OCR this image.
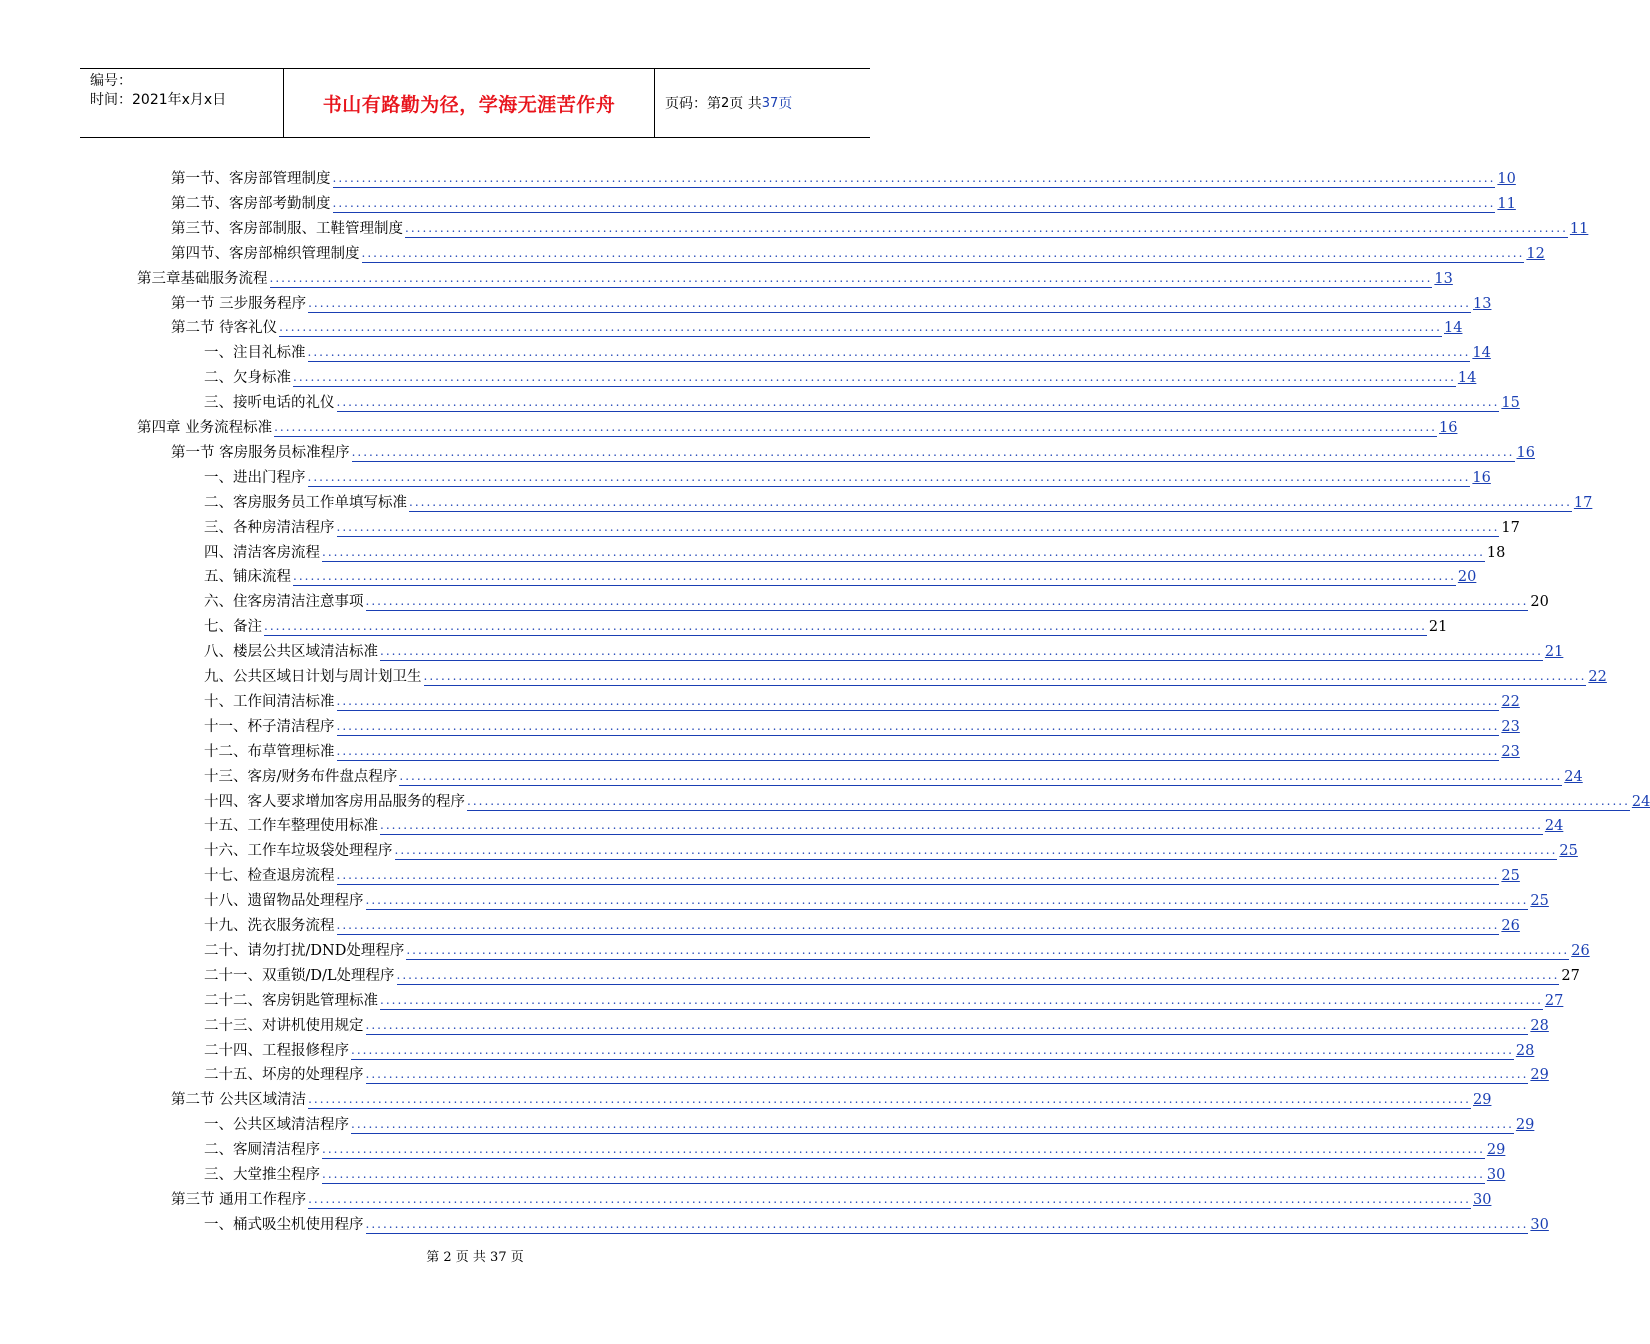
编号：
时间：2021年x月x日	书山有路勤为径，学海无涯苦作舟	页码：第 2 页 共 37 页
第一节、客房部管理制度 ........................................................................................................................................................................................................ 10
第二节、客房部考勤制度 ........................................................................................................................................................................................................ 11
第三节、客房部制服、工鞋管理制度 ........................................................................................................................................................................................................ 11
第四节、客房部棉织管理制度 ........................................................................................................................................................................................................ 12
第三章基础服务流程 ........................................................................................................................................................................................................ 13
第一节 三步服务程序 ........................................................................................................................................................................................................ 13
第二节 待客礼仪 ........................................................................................................................................................................................................ 14
一、注目礼标准 ........................................................................................................................................................................................................ 14
二、欠身标准 ........................................................................................................................................................................................................ 14
三、接听电话的礼仪 ........................................................................................................................................................................................................ 15
第四章 业务流程标准 ........................................................................................................................................................................................................ 16
第一节 客房服务员标准程序 ........................................................................................................................................................................................................ 16
一、进出门程序 ........................................................................................................................................................................................................ 16
二、客房服务员工作单填写标准 ........................................................................................................................................................................................................ 17
三、各种房清洁程序 ........................................................................................................................................................................................................ 17
四、清洁客房流程 ........................................................................................................................................................................................................ 18
五、铺床流程 ........................................................................................................................................................................................................ 20
六、住客房清洁注意事项 ........................................................................................................................................................................................................ 20
七、备注 ........................................................................................................................................................................................................ 21
八、楼层公共区域清洁标准 ........................................................................................................................................................................................................ 21
九、公共区域日计划与周计划卫生 ........................................................................................................................................................................................................ 22
十、工作间清洁标准 ........................................................................................................................................................................................................ 22
十一、杯子清洁程序 ........................................................................................................................................................................................................ 23
十二、布草管理标准 ........................................................................................................................................................................................................ 23
十三、客房/财务布件盘点程序 ........................................................................................................................................................................................................ 24
十四、客人要求增加客房用品服务的程序 ........................................................................................................................................................................................................ 24
十五、工作车整理使用标准 ........................................................................................................................................................................................................ 24
十六、工作车垃圾袋处理程序 ........................................................................................................................................................................................................ 25
十七、检查退房流程 ........................................................................................................................................................................................................ 25
十八、遗留物品处理程序 ........................................................................................................................................................................................................ 25
十九、洗衣服务流程 ........................................................................................................................................................................................................ 26
二十、请勿打扰/DND处理程序 ........................................................................................................................................................................................................ 26
二十一、双重锁/D/L处理程序 ........................................................................................................................................................................................................ 27
二十二、客房钥匙管理标准 ........................................................................................................................................................................................................ 27
二十三、对讲机使用规定 ........................................................................................................................................................................................................ 28
二十四、工程报修程序 ........................................................................................................................................................................................................ 28
二十五、坏房的处理程序 ........................................................................................................................................................................................................ 29
第二节 公共区域清洁 ........................................................................................................................................................................................................ 29
一、公共区域清洁程序 ........................................................................................................................................................................................................ 29
二、客厕清洁程序 ........................................................................................................................................................................................................ 29
三、大堂推尘程序 ........................................................................................................................................................................................................ 30
第三节 通用工作程序 ........................................................................................................................................................................................................ 30
一、桶式吸尘机使用程序 ........................................................................................................................................................................................................ 30
第 2 页 共 37 页
